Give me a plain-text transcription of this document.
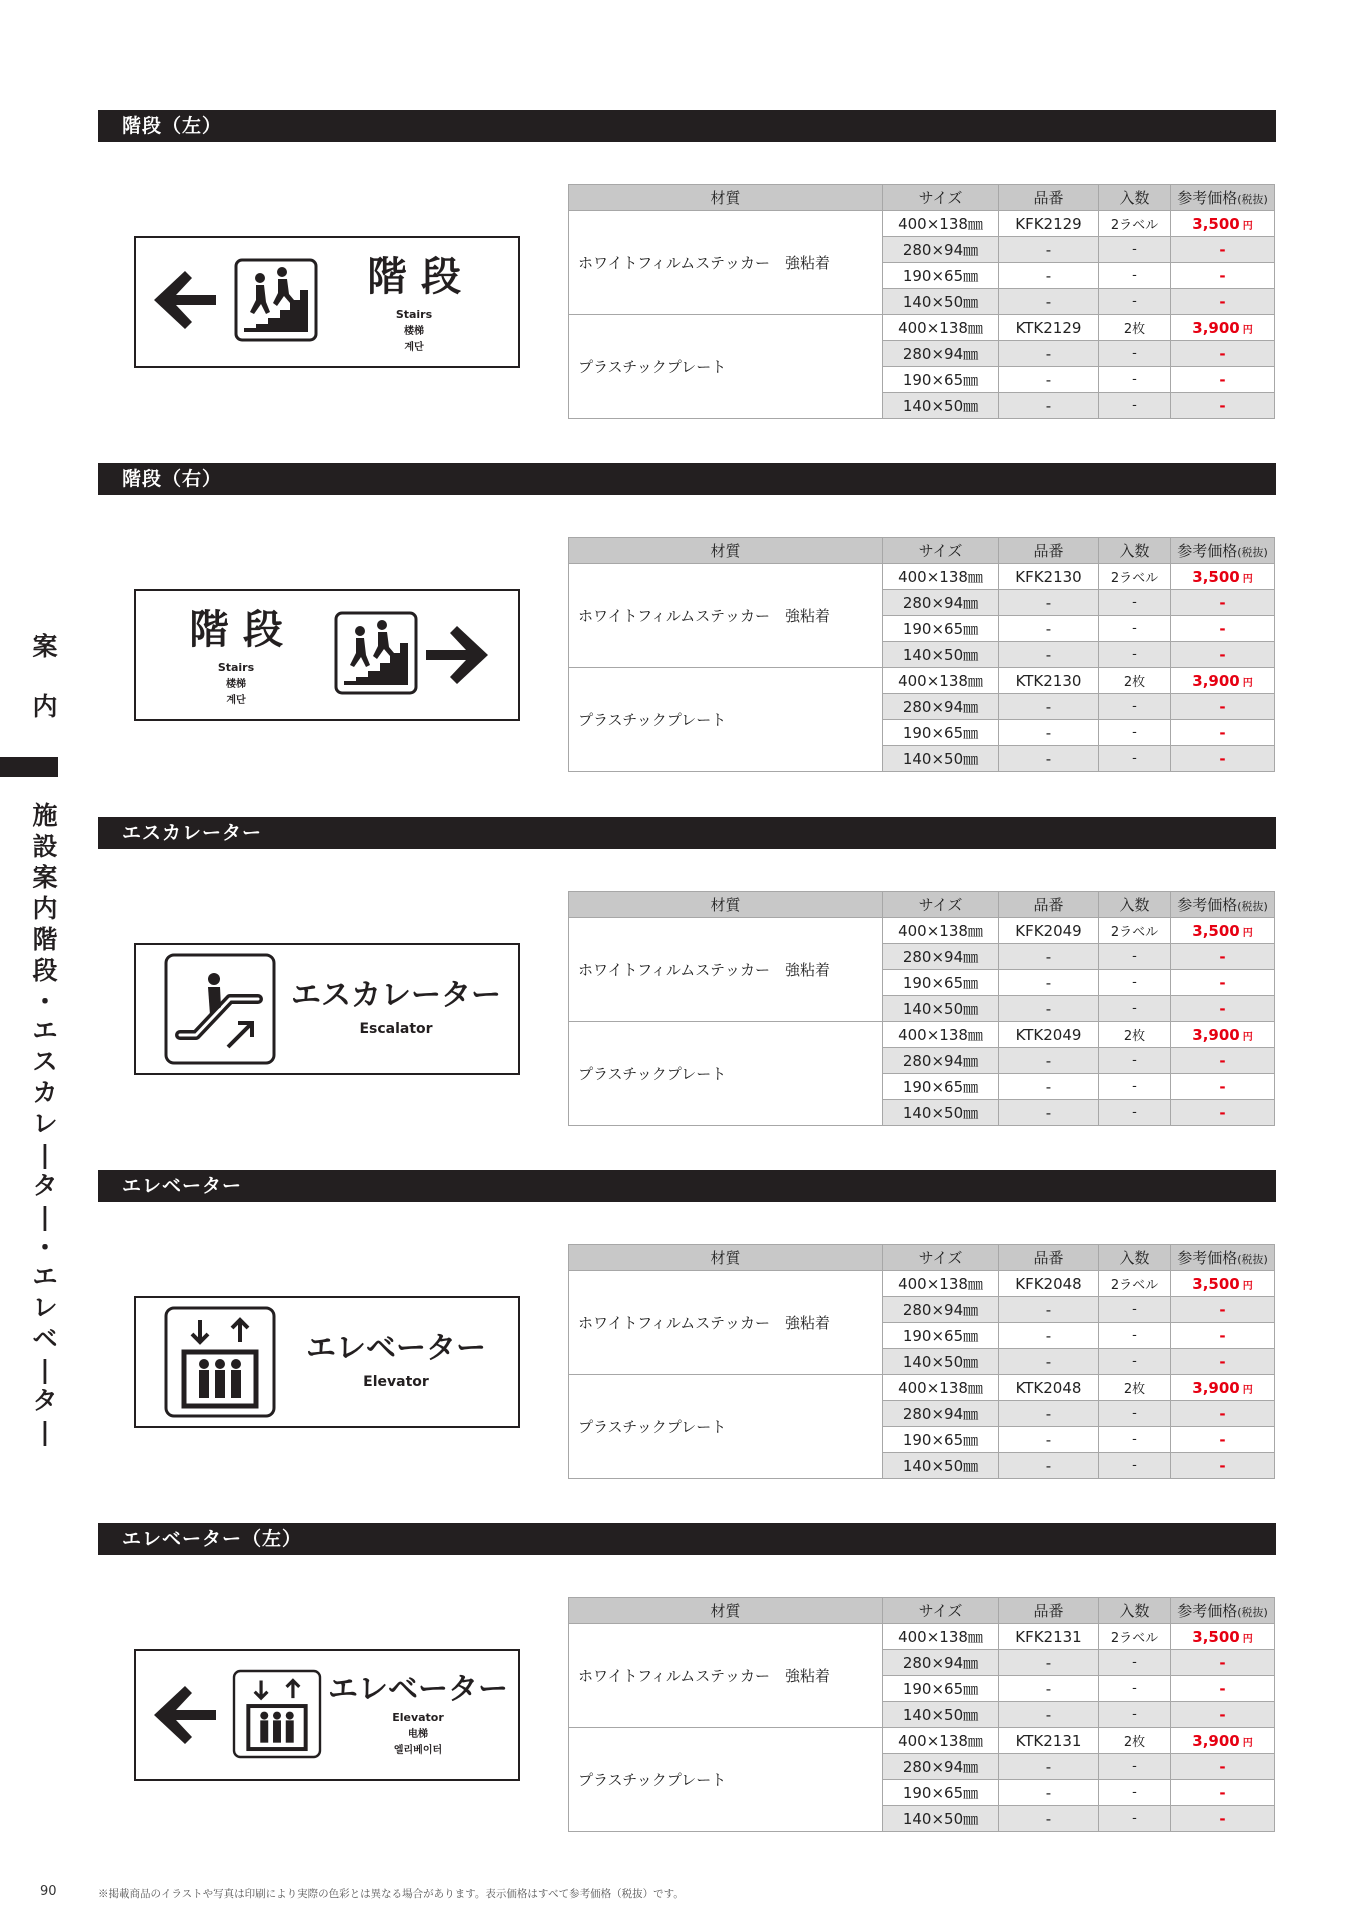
案
内
施
設
案
内
階
段
・
エ
ス
カ
レ
|
タ
|
・
エ
レ
ベ
|
タ
|
階段（左）
階 段
Stairs
楼梯
계단
材質	サイズ	品番	入数	参考価格(税抜)
ホワイトフィルムステッカー　強粘着	400×138㎜	KFK2129	2ラベル	3,500 円
	280×94㎜	-	-	-
	190×65㎜	-	-	-
	140×50㎜	-	-	-
プラスチックプレート	400×138㎜	KTK2129	2枚	3,900 円
	280×94㎜	-	-	-
	190×65㎜	-	-	-
	140×50㎜	-	-	-
階段（右）
階 段
Stairs
楼梯
계단
材質	サイズ	品番	入数	参考価格(税抜)
ホワイトフィルムステッカー　強粘着	400×138㎜	KFK2130	2ラベル	3,500 円
	280×94㎜	-	-	-
	190×65㎜	-	-	-
	140×50㎜	-	-	-
プラスチックプレート	400×138㎜	KTK2130	2枚	3,900 円
	280×94㎜	-	-	-
	190×65㎜	-	-	-
	140×50㎜	-	-	-
エスカレーター
エスカレーター
Escalator
材質	サイズ	品番	入数	参考価格(税抜)
ホワイトフィルムステッカー　強粘着	400×138㎜	KFK2049	2ラベル	3,500 円
	280×94㎜	-	-	-
	190×65㎜	-	-	-
	140×50㎜	-	-	-
プラスチックプレート	400×138㎜	KTK2049	2枚	3,900 円
	280×94㎜	-	-	-
	190×65㎜	-	-	-
	140×50㎜	-	-	-
エレベーター
エレベーター
Elevator
材質	サイズ	品番	入数	参考価格(税抜)
ホワイトフィルムステッカー　強粘着	400×138㎜	KFK2048	2ラベル	3,500 円
	280×94㎜	-	-	-
	190×65㎜	-	-	-
	140×50㎜	-	-	-
プラスチックプレート	400×138㎜	KTK2048	2枚	3,900 円
	280×94㎜	-	-	-
	190×65㎜	-	-	-
	140×50㎜	-	-	-
エレベーター（左）
エレベーター
Elevator
电梯
엘리베이터
材質	サイズ	品番	入数	参考価格(税抜)
ホワイトフィルムステッカー　強粘着	400×138㎜	KFK2131	2ラベル	3,500 円
	280×94㎜	-	-	-
	190×65㎜	-	-	-
	140×50㎜	-	-	-
プラスチックプレート	400×138㎜	KTK2131	2枚	3,900 円
	280×94㎜	-	-	-
	190×65㎜	-	-	-
	140×50㎜	-	-	-
90	※掲載商品のイラストや写真は印刷により実際の色彩とは異なる場合があります。表示価格はすべて参考価格（税抜）です。
